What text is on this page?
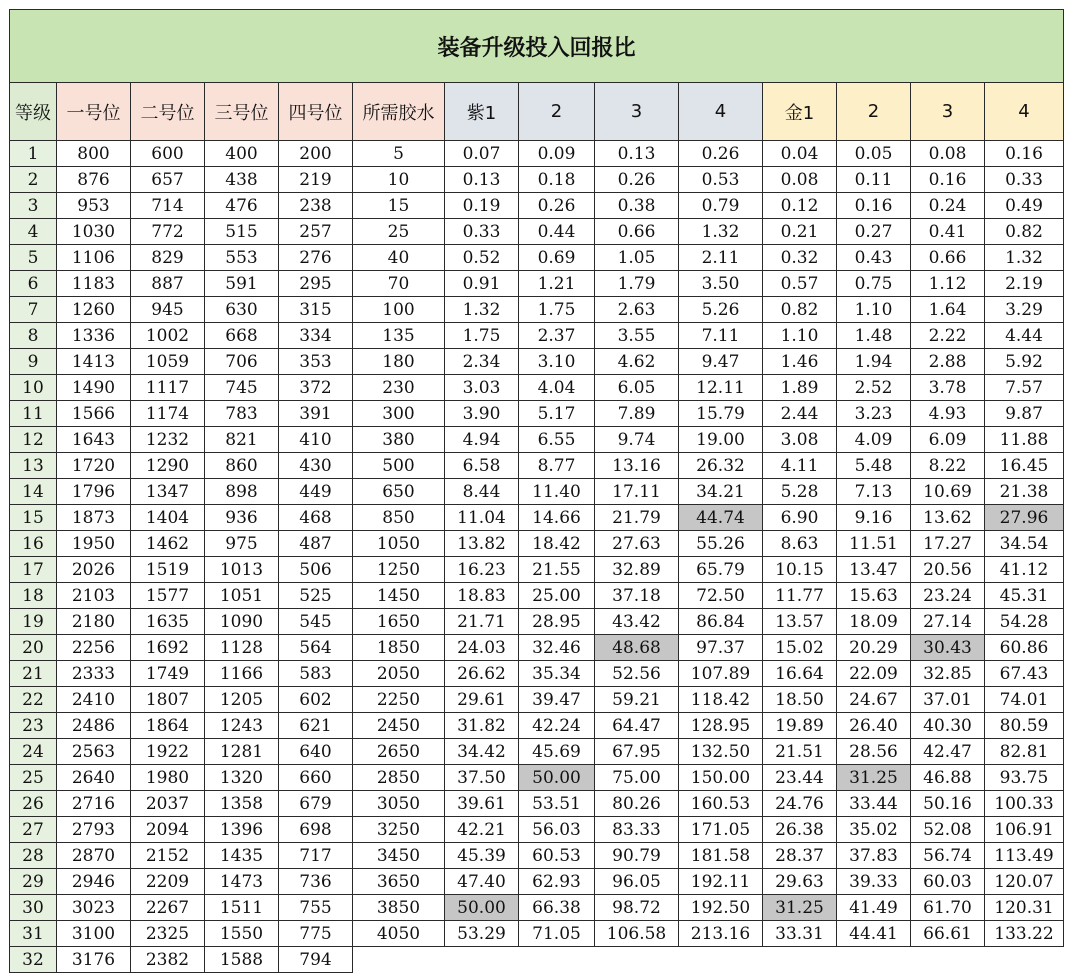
装备升级投入回报比													
等级	一号位	二号位	三号位	四号位	所需胶水	紫1	2	3	4	金1	2	3	4
1	800	600	400	200	5	0.07	0.09	0.13	0.26	0.04	0.05	0.08	0.16
2	876	657	438	219	10	0.13	0.18	0.26	0.53	0.08	0.11	0.16	0.33
3	953	714	476	238	15	0.19	0.26	0.38	0.79	0.12	0.16	0.24	0.49
4	1030	772	515	257	25	0.33	0.44	0.66	1.32	0.21	0.27	0.41	0.82
5	1106	829	553	276	40	0.52	0.69	1.05	2.11	0.32	0.43	0.66	1.32
6	1183	887	591	295	70	0.91	1.21	1.79	3.50	0.57	0.75	1.12	2.19
7	1260	945	630	315	100	1.32	1.75	2.63	5.26	0.82	1.10	1.64	3.29
8	1336	1002	668	334	135	1.75	2.37	3.55	7.11	1.10	1.48	2.22	4.44
9	1413	1059	706	353	180	2.34	3.10	4.62	9.47	1.46	1.94	2.88	5.92
10	1490	1117	745	372	230	3.03	4.04	6.05	12.11	1.89	2.52	3.78	7.57
11	1566	1174	783	391	300	3.90	5.17	7.89	15.79	2.44	3.23	4.93	9.87
12	1643	1232	821	410	380	4.94	6.55	9.74	19.00	3.08	4.09	6.09	11.88
13	1720	1290	860	430	500	6.58	8.77	13.16	26.32	4.11	5.48	8.22	16.45
14	1796	1347	898	449	650	8.44	11.40	17.11	34.21	5.28	7.13	10.69	21.38
15	1873	1404	936	468	850	11.04	14.66	21.79	44.74	6.90	9.16	13.62	27.96
16	1950	1462	975	487	1050	13.82	18.42	27.63	55.26	8.63	11.51	17.27	34.54
17	2026	1519	1013	506	1250	16.23	21.55	32.89	65.79	10.15	13.47	20.56	41.12
18	2103	1577	1051	525	1450	18.83	25.00	37.18	72.50	11.77	15.63	23.24	45.31
19	2180	1635	1090	545	1650	21.71	28.95	43.42	86.84	13.57	18.09	27.14	54.28
20	2256	1692	1128	564	1850	24.03	32.46	48.68	97.37	15.02	20.29	30.43	60.86
21	2333	1749	1166	583	2050	26.62	35.34	52.56	107.89	16.64	22.09	32.85	67.43
22	2410	1807	1205	602	2250	29.61	39.47	59.21	118.42	18.50	24.67	37.01	74.01
23	2486	1864	1243	621	2450	31.82	42.24	64.47	128.95	19.89	26.40	40.30	80.59
24	2563	1922	1281	640	2650	34.42	45.69	67.95	132.50	21.51	28.56	42.47	82.81
25	2640	1980	1320	660	2850	37.50	50.00	75.00	150.00	23.44	31.25	46.88	93.75
26	2716	2037	1358	679	3050	39.61	53.51	80.26	160.53	24.76	33.44	50.16	100.33
27	2793	2094	1396	698	3250	42.21	56.03	83.33	171.05	26.38	35.02	52.08	106.91
28	2870	2152	1435	717	3450	45.39	60.53	90.79	181.58	28.37	37.83	56.74	113.49
29	2946	2209	1473	736	3650	47.40	62.93	96.05	192.11	29.63	39.33	60.03	120.07
30	3023	2267	1511	755	3850	50.00	66.38	98.72	192.50	31.25	41.49	61.70	120.31
31	3100	2325	1550	775	4050	53.29	71.05	106.58	213.16	33.31	44.41	66.61	133.22
32	3176	2382	1588	794									
